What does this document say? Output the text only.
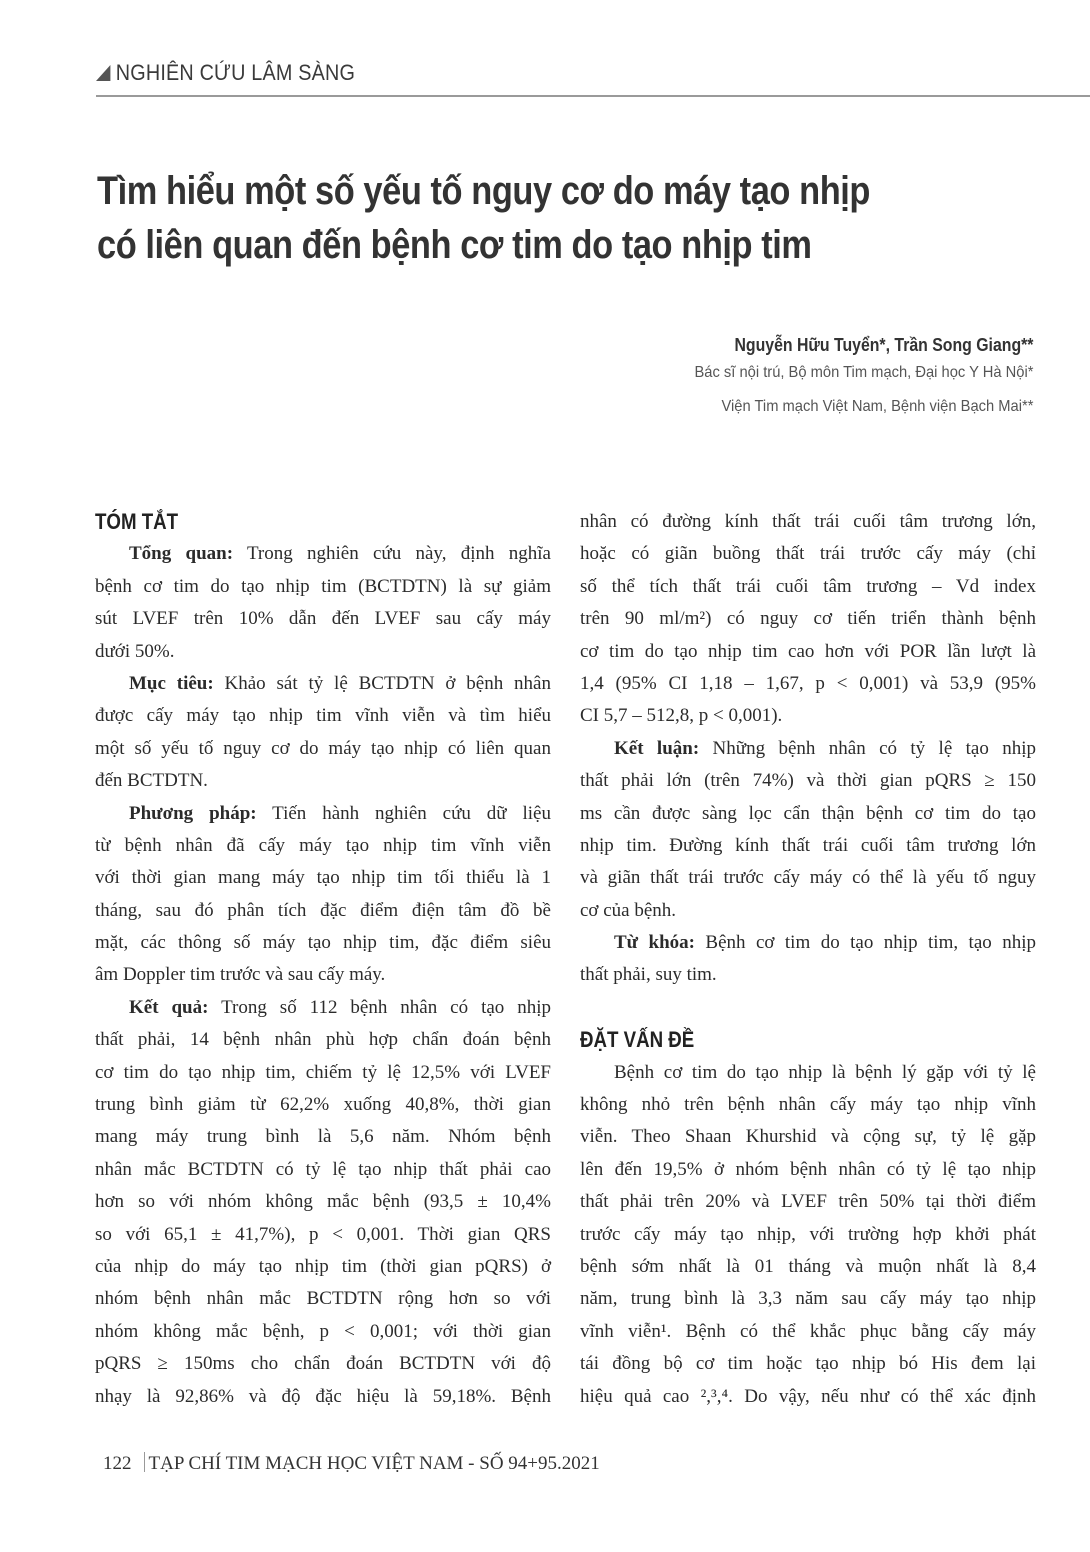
NGHIÊN CỨU LÂM SÀNG
Tìm hiểu một số yếu tố nguy cơ do máy tạo nhịp
có liên quan đến bệnh cơ tim do tạo nhịp tim
Nguyễn Hữu Tuyển*, Trần Song Giang**
Bác sĩ nội trú, Bộ môn Tim mạch, Đại học Y Hà Nội*
Viện Tim mạch Việt Nam, Bệnh viện Bạch Mai**
TÓM TẮT
Tổng quan: Trong nghiên cứu này, định nghĩa
bệnh cơ tim do tạo nhịp tim (BCTDTN) là sự giảm
sút LVEF trên 10% dẫn đến LVEF sau cấy máy
dưới 50%.
Mục tiêu: Khảo sát tỷ lệ BCTDTN ở bệnh nhân
được cấy máy tạo nhịp tim vĩnh viễn và tìm hiểu
một số yếu tố nguy cơ do máy tạo nhịp có liên quan
đến BCTDTN.
Phương pháp: Tiến hành nghiên cứu dữ liệu
từ bệnh nhân đã cấy máy tạo nhịp tim vĩnh viễn
với thời gian mang máy tạo nhịp tim tối thiểu là 1
tháng, sau đó phân tích đặc điểm điện tâm đồ bề
mặt, các thông số máy tạo nhịp tim, đặc điểm siêu
âm Doppler tim trước và sau cấy máy.
Kết quả: Trong số 112 bệnh nhân có tạo nhịp
thất phải, 14 bệnh nhân phù hợp chẩn đoán bệnh
cơ tim do tạo nhịp tim, chiếm tỷ lệ 12,5% với LVEF
trung bình giảm từ 62,2% xuống 40,8%, thời gian
mang máy trung bình là 5,6 năm. Nhóm bệnh
nhân mắc BCTDTN có tỷ lệ tạo nhịp thất phải cao
hơn so với nhóm không mắc bệnh (93,5 ± 10,4%
so với 65,1 ± 41,7%), p < 0,001. Thời gian QRS
của nhịp do máy tạo nhịp tim (thời gian pQRS) ở
nhóm bệnh nhân mắc BCTDTN rộng hơn so với
nhóm không mắc bệnh, p < 0,001; với thời gian
pQRS ≥ 150ms cho chẩn đoán BCTDTN với độ
nhạy là 92,86% và độ đặc hiệu là 59,18%. Bệnh
nhân có đường kính thất trái cuối tâm trương lớn,
hoặc có giãn buồng thất trái trước cấy máy (chỉ
số thể tích thất trái cuối tâm trương – Vd index
trên 90 ml/m²) có nguy cơ tiến triển thành bệnh
cơ tim do tạo nhịp tim cao hơn với POR lần lượt là
1,4 (95% CI 1,18 – 1,67, p < 0,001) và 53,9 (95%
CI 5,7 – 512,8, p < 0,001).
Kết luận: Những bệnh nhân có tỷ lệ tạo nhịp
thất phải lớn (trên 74%) và thời gian pQRS ≥ 150
ms cần được sàng lọc cẩn thận bệnh cơ tim do tạo
nhịp tim. Đường kính thất trái cuối tâm trương lớn
và giãn thất trái trước cấy máy có thể là yếu tố nguy
cơ của bệnh.
Từ khóa: Bệnh cơ tim do tạo nhịp tim, tạo nhịp
thất phải, suy tim.
ĐẶT VẤN ĐỀ
Bệnh cơ tim do tạo nhịp là bệnh lý gặp với tỷ lệ
không nhỏ trên bệnh nhân cấy máy tạo nhịp vĩnh
viễn. Theo Shaan Khurshid và cộng sự, tỷ lệ gặp
lên đến 19,5% ở nhóm bệnh nhân có tỷ lệ tạo nhịp
thất phải trên 20% và LVEF trên 50% tại thời điểm
trước cấy máy tạo nhịp, với trường hợp khởi phát
bệnh sớm nhất là 01 tháng và muộn nhất là 8,4
năm, trung bình là 3,3 năm sau cấy máy tạo nhịp
vĩnh viễn¹. Bệnh có thể khắc phục bằng cấy máy
tái đồng bộ cơ tim hoặc tạo nhịp bó His đem lại
hiệu quả cao ²,³,⁴. Do vậy, nếu như có thể xác định
122 TẠP CHÍ TIM MẠCH HỌC VIỆT NAM - SỐ 94+95.2021
